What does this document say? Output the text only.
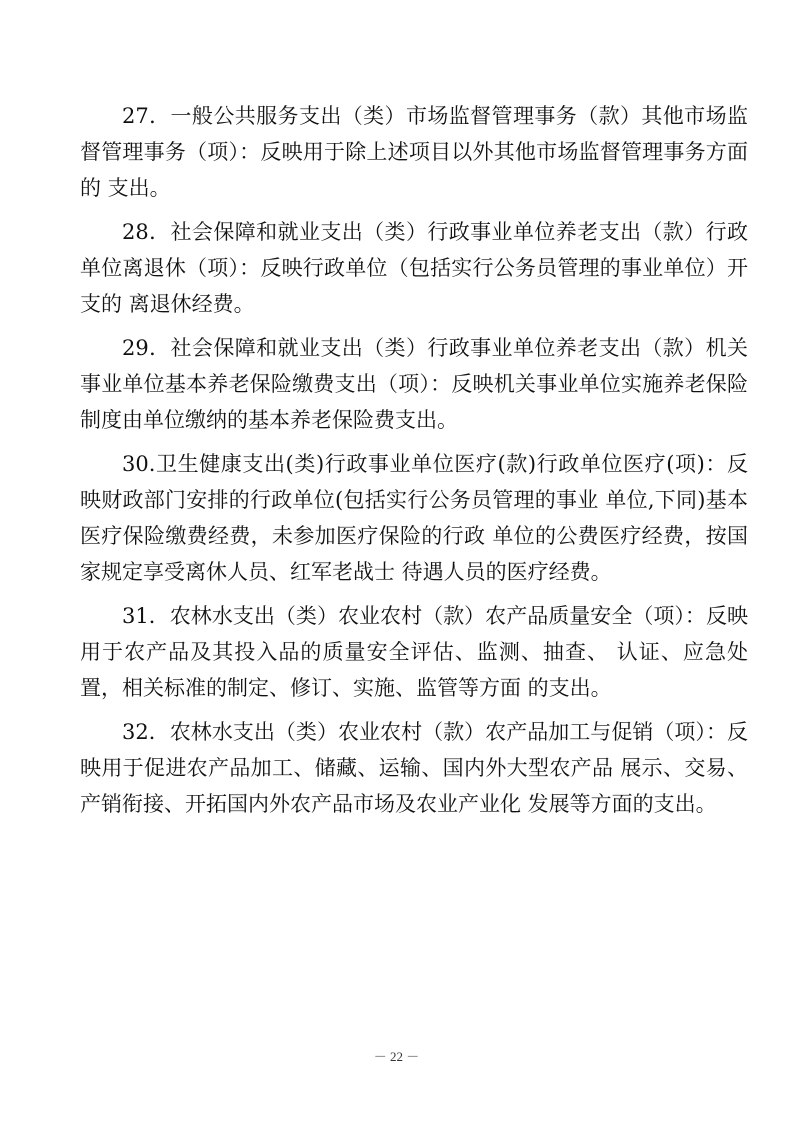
27．一般公共服务支出（类）市场监督管理事务（款）其他市场监督管理事务（项）：反映用于除上述项目以外其他市场监督管理事务方面的 支出。

28．社会保障和就业支出（类）行政事业单位养老支出（款）行政单位离退休（项）：反映行政单位（包括实行公务员管理的事业单位）开支的 离退休经费。

29．社会保障和就业支出（类）行政事业单位养老支出（款）机关事业单位基本养老保险缴费支出（项）：反映机关事业单位实施养老保险制度由单位缴纳的基本养老保险费支出。

30.卫生健康支出(类)行政事业单位医疗(款)行政单位医疗(项)：反映财政部门安排的行政单位(包括实行公务员管理的事业 单位,下同)基本医疗保险缴费经费，未参加医疗保险的行政 单位的公费医疗经费，按国家规定享受离休人员、红军老战士 待遇人员的医疗经费。

31．农林水支出（类）农业农村（款）农产品质量安全（项）：反映用于农产品及其投入品的质量安全评估、监测、抽查、 认证、应急处置，相关标准的制定、修订、实施、监管等方面 的支出。

32．农林水支出（类）农业农村（款）农产品加工与促销（项）：反映用于促进农产品加工、储藏、运输、国内外大型农产品 展示、交易、产销衔接、开拓国内外农产品市场及农业产业化 发展等方面的支出。

－ 22 －
